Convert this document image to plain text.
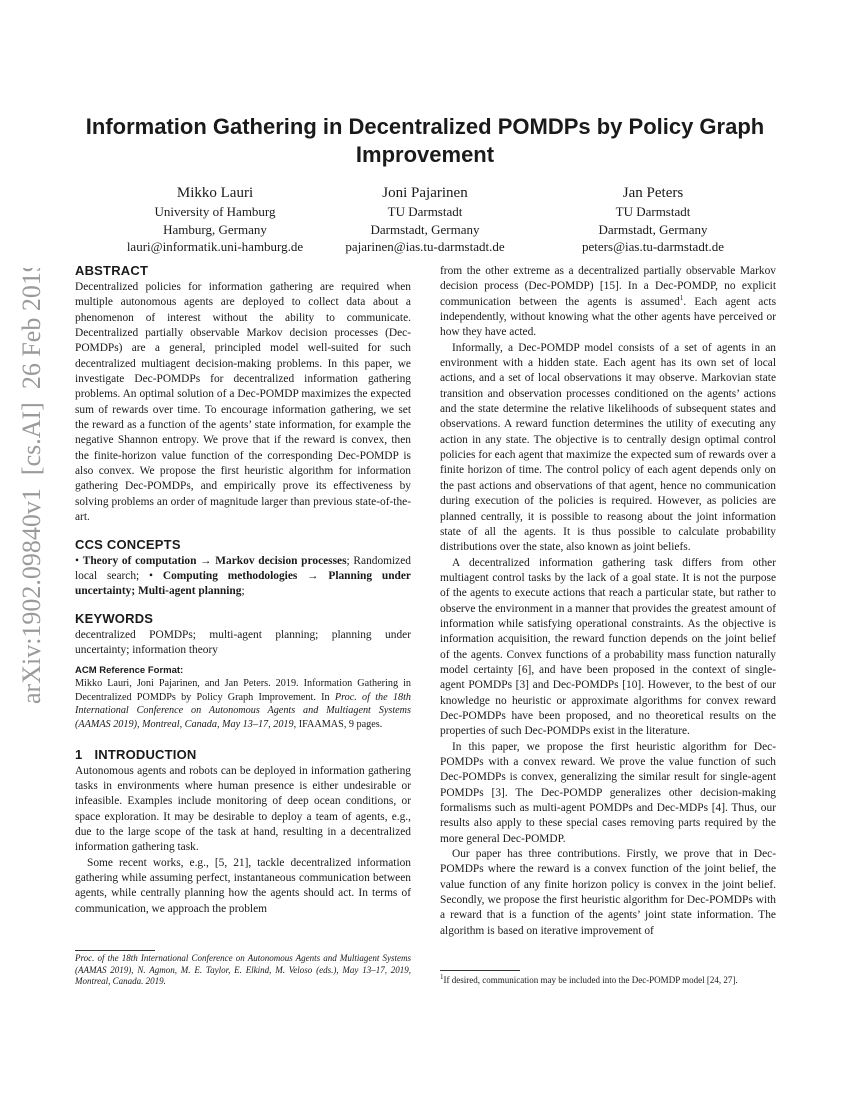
arXiv:1902.09840v1  [cs.AI]  26 Feb 2019
Information Gathering in Decentralized POMDPs by Policy Graph Improvement
Mikko Lauri
University of Hamburg
Hamburg, Germany
lauri@informatik.uni-hamburg.de
Joni Pajarinen
TU Darmstadt
Darmstadt, Germany
pajarinen@ias.tu-darmstadt.de
Jan Peters
TU Darmstadt
Darmstadt, Germany
peters@ias.tu-darmstadt.de
ABSTRACT

Decentralized policies for information gathering are required when multiple autonomous agents are deployed to collect data about a phenomenon of interest without the ability to communicate. Decentralized partially observable Markov decision processes (Dec-POMDPs) are a general, principled model well-suited for such decentralized multiagent decision-making problems. In this paper, we investigate Dec-POMDPs for decentralized information gathering problems. An optimal solution of a Dec-POMDP maximizes the expected sum of rewards over time. To encourage information gathering, we set the reward as a function of the agents’ state information, for example the negative Shannon entropy. We prove that if the reward is convex, then the finite-horizon value function of the corresponding Dec-POMDP is also convex. We propose the first heuristic algorithm for information gathering Dec-POMDPs, and empirically prove its effectiveness by solving problems an order of magnitude larger than previous state-of-the-art.

CCS CONCEPTS

• Theory of computation → Markov decision processes; Randomized local search; • Computing methodologies → Planning under uncertainty; Multi-agent planning;

KEYWORDS

decentralized POMDPs; multi-agent planning; planning under uncertainty; information theory

ACM Reference Format:

Mikko Lauri, Joni Pajarinen, and Jan Peters. 2019. Information Gathering in Decentralized POMDPs by Policy Graph Improvement. In Proc. of the 18th International Conference on Autonomous Agents and Multiagent Systems (AAMAS 2019), Montreal, Canada, May 13–17, 2019, IFAAMAS, 9 pages.

1 INTRODUCTION

Autonomous agents and robots can be deployed in information gathering tasks in environments where human presence is either undesirable or infeasible. Examples include monitoring of deep ocean conditions, or space exploration. It may be desirable to deploy a team of agents, e.g., due to the large scope of the task at hand, resulting in a decentralized information gathering task.

Some recent works, e.g., [5, 21], tackle decentralized information gathering while assuming perfect, instantaneous communication between agents, while centrally planning how the agents should act. In terms of communication, we approach the problem

Proc. of the 18th International Conference on Autonomous Agents and Multiagent Systems (AAMAS 2019), N. Agmon, M. E. Taylor, E. Elkind, M. Veloso (eds.), May 13–17, 2019, Montreal, Canada. 2019.

from the other extreme as a decentralized partially observable Markov decision process (Dec-POMDP) [15]. In a Dec-POMDP, no explicit communication between the agents is assumed$^1$. Each agent acts independently, without knowing what the other agents have perceived or how they have acted.

Informally, a Dec-POMDP model consists of a set of agents in an environment with a hidden state. Each agent has its own set of local actions, and a set of local observations it may observe. Markovian state transition and observation processes conditioned on the agents’ actions and the state determine the relative likelihoods of subsequent states and observations. A reward function determines the utility of executing any action in any state. The objective is to centrally design optimal control policies for each agent that maximize the expected sum of rewards over a finite horizon of time. The control policy of each agent depends only on the past actions and observations of that agent, hence no communication during execution of the policies is required. However, as policies are planned centrally, it is possible to reasong about the joint information state of all the agents. It is thus possible to calculate probability distributions over the state, also known as joint beliefs.

A decentralized information gathering task differs from other multiagent control tasks by the lack of a goal state. It is not the purpose of the agents to execute actions that reach a particular state, but rather to observe the environment in a manner that provides the greatest amount of information while satisfying operational constraints. As the objective is information acquisition, the reward function depends on the joint belief of the agents. Convex functions of a probability mass function naturally model certainty [6], and have been proposed in the context of single-agent POMDPs [3] and Dec-POMDPs [10]. However, to the best of our knowledge no heuristic or approximate algorithms for convex reward Dec-POMDPs have been proposed, and no theoretical results on the properties of such Dec-POMDPs exist in the literature.

In this paper, we propose the first heuristic algorithm for Dec-POMDPs with a convex reward. We prove the value function of such Dec-POMDPs is convex, generalizing the similar result for single-agent POMDPs [3]. The Dec-POMDP generalizes other decision-making formalisms such as multi-agent POMDPs and Dec-MDPs [4]. Thus, our results also apply to these special cases removing parts required by the more general Dec-POMDP.

Our paper has three contributions. Firstly, we prove that in Dec-POMDPs where the reward is a convex function of the joint belief, the value function of any finite horizon policy is convex in the joint belief. Secondly, we propose the first heuristic algorithm for Dec-POMDPs with a reward that is a function of the agents’ joint state information. The algorithm is based on iterative improvement of

$^1$If desired, communication may be included into the Dec-POMDP model [24, 27].
